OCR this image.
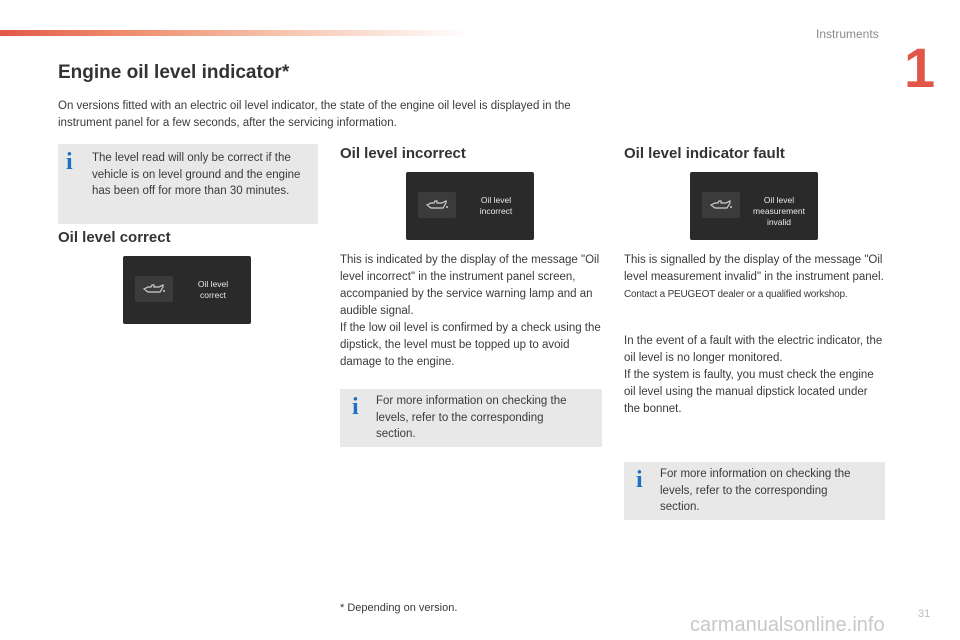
Instruments
1
Engine oil level indicator*
On versions fitted with an electric oil level indicator, the state of the engine oil level is displayed in the instrument panel for a few seconds, after the servicing information.
i The level read will only be correct if the vehicle is on level ground and the engine has been off for more than 30 minutes.
Oil level correct
Oil level
correct
Oil level incorrect
Oil level
incorrect

This is indicated by the display of the message "Oil level incorrect" in the instrument panel screen, accompanied by the service warning lamp and an audible signal.

If the low oil level is confirmed by a check using the dipstick, the level must be topped up to avoid damage to the engine.

i For more information on checking the levels, refer to the corresponding section.
Oil level indicator fault
Oil level
measurement invalid

This is signalled by the display of the message "Oil level measurement invalid" in the instrument panel.

Contact a PEUGEOT dealer or a qualified workshop.

In the event of a fault with the electric indicator, the oil level is no longer monitored.

If the system is faulty, you must check the engine oil level using the manual dipstick located under the bonnet.

i For more information on checking the levels, refer to the corresponding section.
* Depending on version.
carmanualsonline.info	31
